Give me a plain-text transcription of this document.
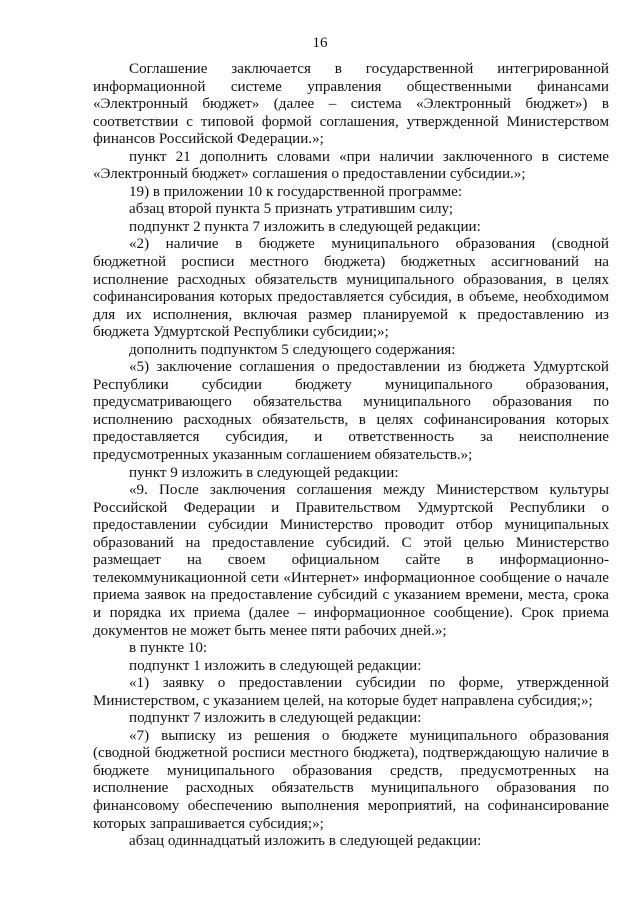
16

Соглашение заключается в государственной интегрированной информационной системе управления общественными финансами «Электронный бюджет» (далее – система «Электронный бюджет») в соответствии с типовой формой соглашения, утвержденной Министерством финансов Российской Федерации.»;

пункт 21 дополнить словами «при наличии заключенного в системе «Электронный бюджет» соглашения о предоставлении субсидии.»;

19) в приложении 10 к государственной программе:

абзац второй пункта 5 признать утратившим силу;

подпункт 2 пункта 7 изложить в следующей редакции:

«2) наличие в бюджете муниципального образования (сводной бюджетной росписи местного бюджета) бюджетных ассигнований на исполнение расходных обязательств муниципального образования, в целях софинансирования которых предоставляется субсидия, в объеме, необходимом для их исполнения, включая размер планируемой к предоставлению из бюджета Удмуртской Республики субсидии;»;

дополнить подпунктом 5 следующего содержания:

«5) заключение соглашения о предоставлении из бюджета Удмуртской Республики субсидии бюджету муниципального образования, предусматривающего обязательства муниципального образования по исполнению расходных обязательств, в целях софинансирования которых предоставляется субсидия, и ответственность за неисполнение предусмотренных указанным соглашением обязательств.»;

пункт 9 изложить в следующей редакции:

«9. После заключения соглашения между Министерством культуры Российской Федерации и Правительством Удмуртской Республики о предоставлении субсидии Министерство проводит отбор муниципальных образований на предоставление субсидий. С этой целью Министерство размещает на своем официальном сайте в информационно-телекоммуникационной сети «Интернет» информационное сообщение о начале приема заявок на предоставление субсидий с указанием времени, места, срока и порядка их приема (далее – информационное сообщение). Срок приема документов не может быть менее пяти рабочих дней.»;

в пункте 10:

подпункт 1 изложить в следующей редакции:

«1) заявку о предоставлении субсидии по форме, утвержденной Министерством, с указанием целей, на которые будет направлена субсидия;»;

подпункт 7 изложить в следующей редакции:

«7) выписку из решения о бюджете муниципального образования (сводной бюджетной росписи местного бюджета), подтверждающую наличие в бюджете муниципального образования средств, предусмотренных на исполнение расходных обязательств муниципального образования по финансовому обеспечению выполнения мероприятий, на софинансирование которых запрашивается субсидия;»;

абзац одиннадцатый изложить в следующей редакции:
